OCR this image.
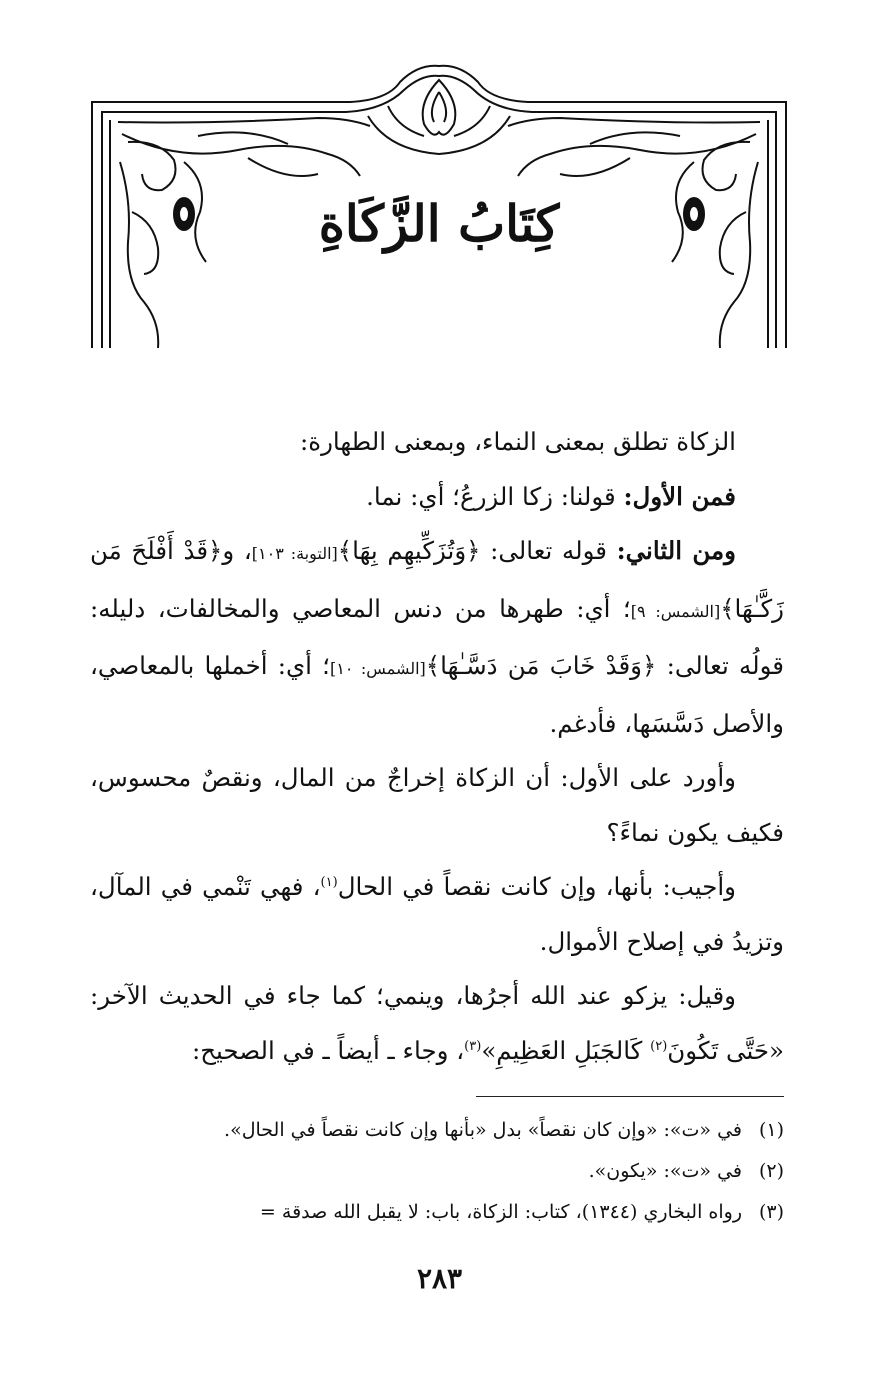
كِتَابُ الزَّكَاةِ

الزكاة تطلق بمعنى النماء، وبمعنى الطهارة:

فمن الأول: قولنا: زكا الزرعُ؛ أي: نما.

ومن الثاني: قوله تعالى: ﴿وَتُزَكِّيهِم بِهَا﴾[التوبة: ١٠٣]، و﴿قَدْ أَفْلَحَ مَن زَكَّـٰهَا﴾[الشمس: ٩]؛ أي: طهرها من دنس المعاصي والمخالفات، دليله: قولُه تعالى: ﴿وَقَدْ خَابَ مَن دَسَّـٰهَا﴾[الشمس: ١٠]؛ أي: أخملها بالمعاصي، والأصل دَسَّسَها، فأدغم.

وأورد على الأول: أن الزكاة إخراجٌ من المال، ونقصٌ محسوس، فكيف يكون نماءً؟

وأجيب: بأنها، وإن كانت نقصاً في الحال$^{(١)}$، فهي تَنْمي في المآل، وتزيدُ في إصلاح الأموال.

وقيل: يزكو عند الله أجرُها، وينمي؛ كما جاء في الحديث الآخر: «حَتَّى تَكُونَ$^{(٢)}$ كَالجَبَلِ العَظِيمِ»$^{(٣)}$، وجاء ـ أيضاً ـ في الصحيح:

(١)في «ت»: «وإن كان نقصاً» بدل «بأنها وإن كانت نقصاً في الحال».

(٢)في «ت»: «يكون».

(٣)رواه البخاري (١٣٤٤)، كتاب: الزكاة، باب: لا يقبل الله صدقة =

٢٨٣
